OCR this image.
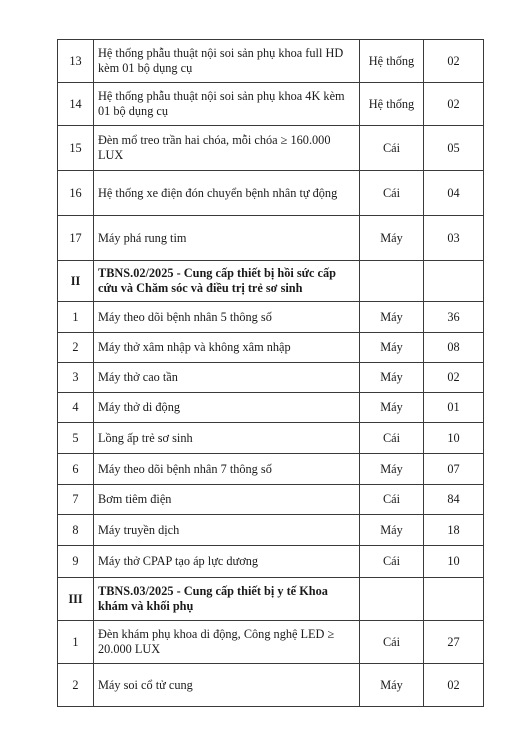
13	Hệ thống phẫu thuật nội soi sản phụ khoa full HD kèm 01 bộ dụng cụ	Hệ thống	02
14	Hệ thống phẫu thuật nội soi sản phụ khoa 4K kèm 01 bộ dụng cụ	Hệ thống	02
15	Đèn mổ treo trần hai chóa, mỗi chóa ≥ 160.000 LUX	Cái	05
16	Hệ thống xe điện đón chuyển bệnh nhân tự động	Cái	04
17	Máy phá rung tim	Máy	03
II	TBNS.02/2025 - Cung cấp thiết bị hồi sức cấp cứu và Chăm sóc và điều trị trẻ sơ sinh		
1	Máy theo dõi bệnh nhân 5 thông số	Máy	36
2	Máy thở xâm nhập và không xâm nhập	Máy	08
3	Máy thở cao tần	Máy	02
4	Máy thở di động	Máy	01
5	Lồng ấp trẻ sơ sinh	Cái	10
6	Máy theo dõi bệnh nhân 7 thông số	Máy	07
7	Bơm tiêm điện	Cái	84
8	Máy truyền dịch	Máy	18
9	Máy thở CPAP tạo áp lực dương	Cái	10
III	TBNS.03/2025 - Cung cấp thiết bị y tế Khoa khám và khối phụ		
1	Đèn khám phụ khoa di động, Công nghệ LED ≥ 20.000 LUX	Cái	27
2	Máy soi cổ tử cung	Máy	02
